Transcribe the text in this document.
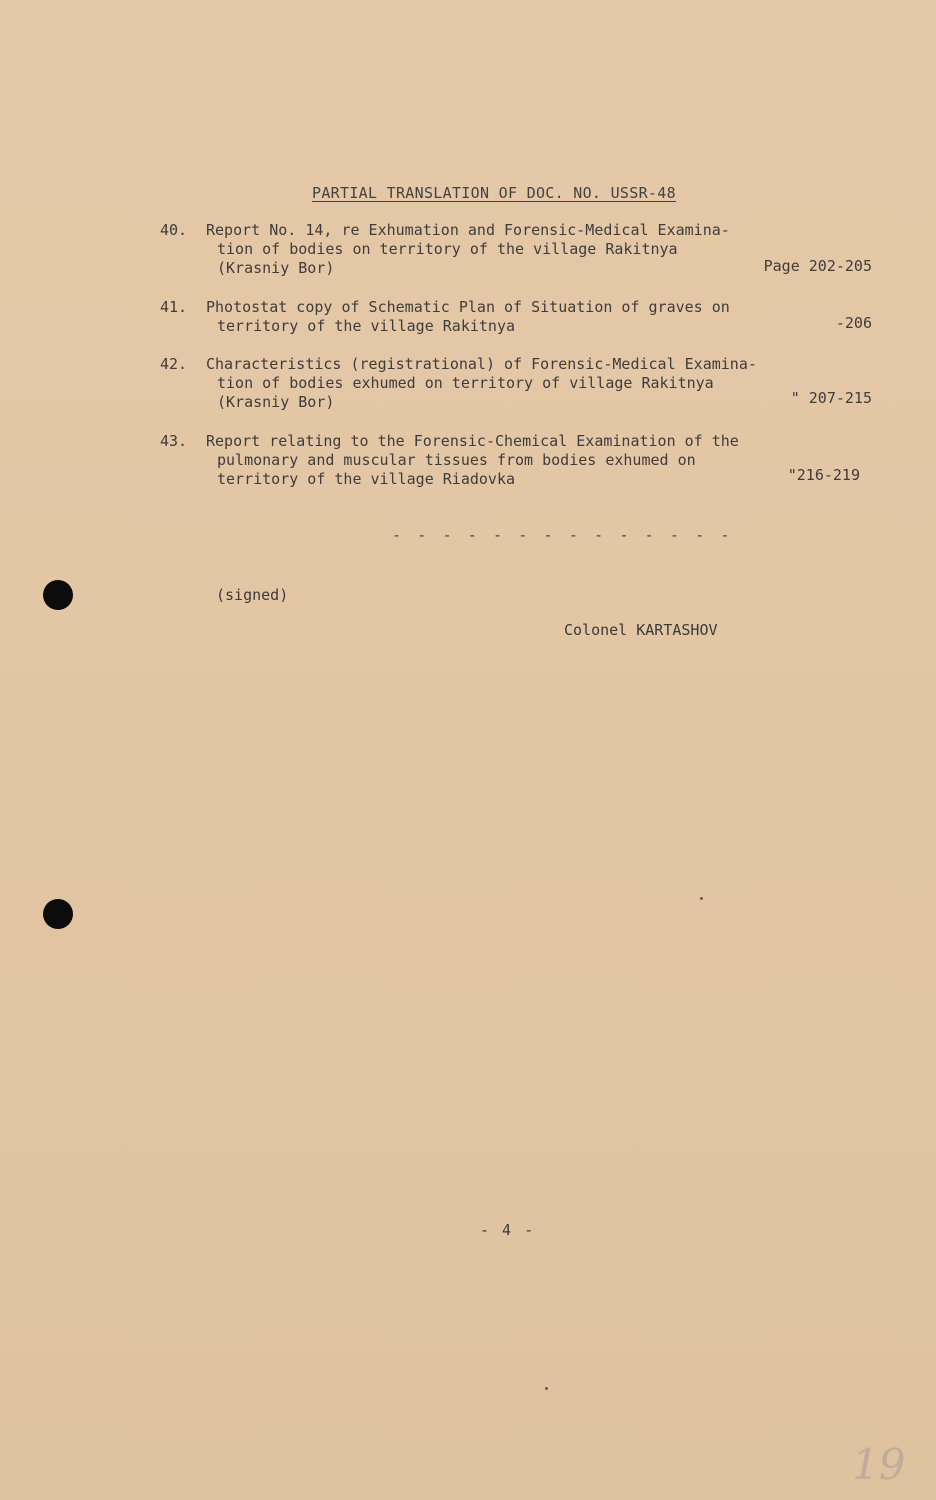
PARTIAL TRANSLATION OF DOC. NO. USSR-48
40.	Report No. 14, re Exhumation and Forensic-Medical Examina-
tion of bodies on territory of the village Rakitnya
(Krasniy Bor)	Page 202-205
41.	Photostat copy of Schematic Plan of Situation of graves on
territory of the village Rakitnya	-206
42.	Characteristics (registrational) of Forensic-Medical Examina-
tion of bodies exhumed on territory of village Rakitnya
(Krasniy Bor)	" 207-215
43.	Report relating to the Forensic-Chemical Examination of the
pulmonary and muscular tissues from bodies exhumed on
territory of the village Riadovka	"216-219
- - - - - - - - - - - - - -
(signed)
Colonel KARTASHOV
- 4 -
19
